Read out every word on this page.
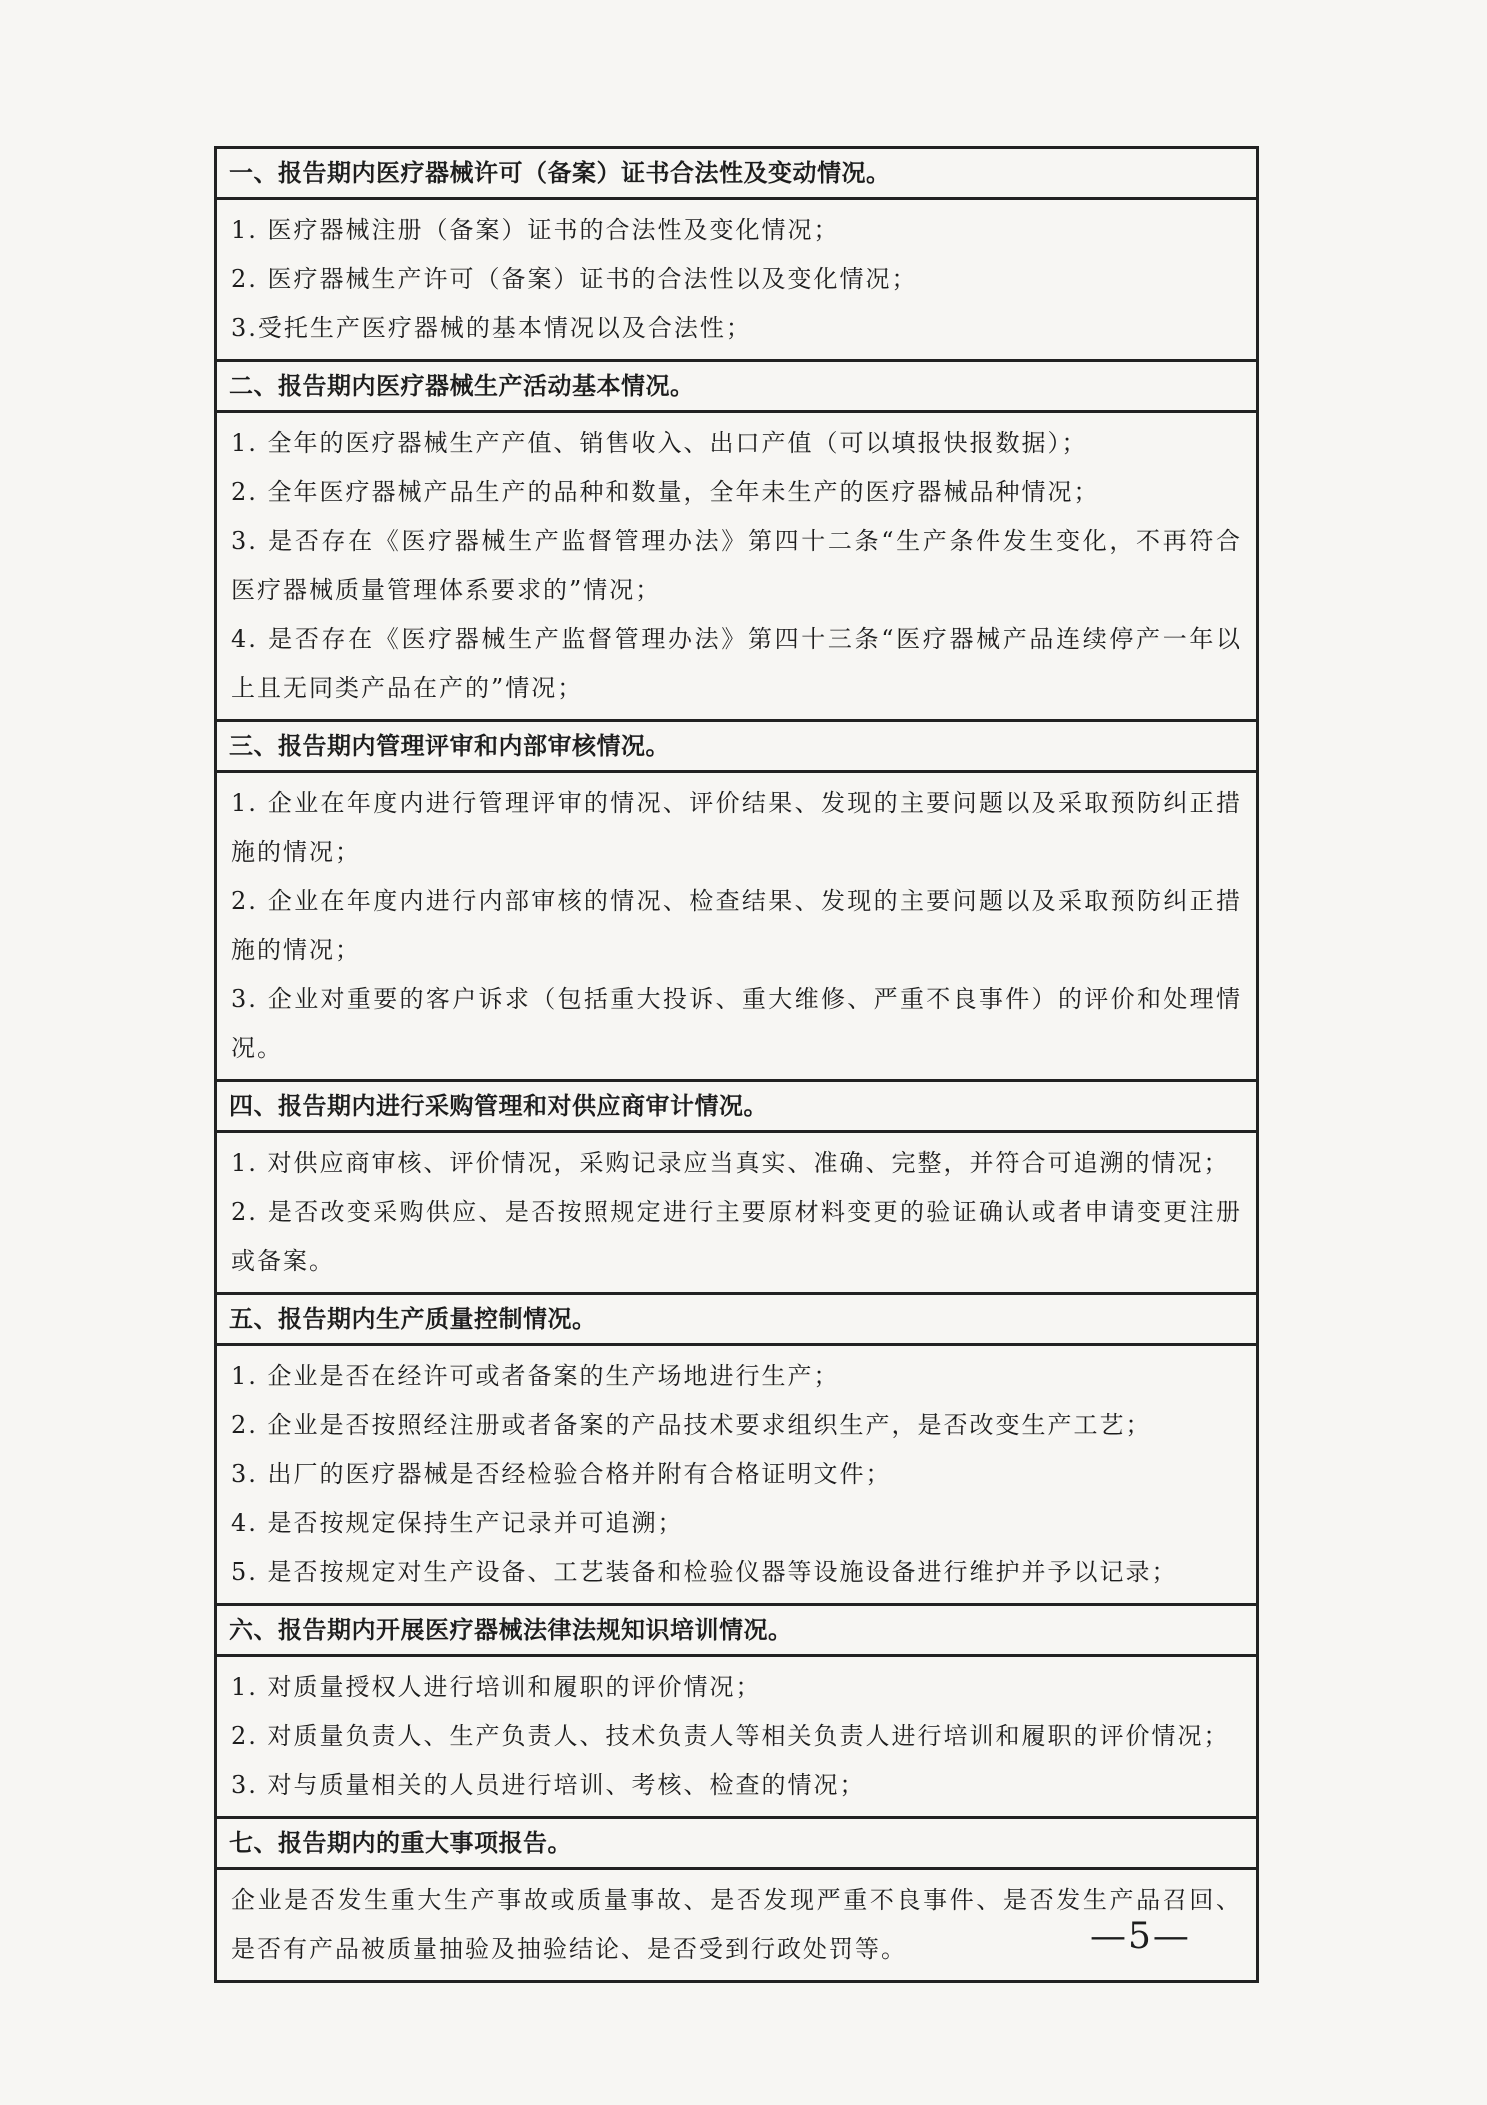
一、报告期内医疗器械许可（备案）证书合法性及变动情况。
1. 医疗器械注册（备案）证书的合法性及变化情况；
2. 医疗器械生产许可（备案）证书的合法性以及变化情况；
3.受托生产医疗器械的基本情况以及合法性；
二、报告期内医疗器械生产活动基本情况。
1. 全年的医疗器械生产产值、销售收入、出口产值（可以填报快报数据）；
2. 全年医疗器械产品生产的品种和数量，全年未生产的医疗器械品种情况；
3. 是否存在《医疗器械生产监督管理办法》第四十二条“生产条件发生变化，不再符合医疗器械质量管理体系要求的”情况；
4. 是否存在《医疗器械生产监督管理办法》第四十三条“医疗器械产品连续停产一年以上且无同类产品在产的”情况；
三、报告期内管理评审和内部审核情况。
1. 企业在年度内进行管理评审的情况、评价结果、发现的主要问题以及采取预防纠正措施的情况；
2. 企业在年度内进行内部审核的情况、检查结果、发现的主要问题以及采取预防纠正措施的情况；
3. 企业对重要的客户诉求（包括重大投诉、重大维修、严重不良事件）的评价和处理情况。
四、报告期内进行采购管理和对供应商审计情况。
1. 对供应商审核、评价情况，采购记录应当真实、准确、完整，并符合可追溯的情况；
2. 是否改变采购供应、是否按照规定进行主要原材料变更的验证确认或者申请变更注册或备案。
五、报告期内生产质量控制情况。
1. 企业是否在经许可或者备案的生产场地进行生产；
2. 企业是否按照经注册或者备案的产品技术要求组织生产，是否改变生产工艺；
3. 出厂的医疗器械是否经检验合格并附有合格证明文件；
4. 是否按规定保持生产记录并可追溯；
5. 是否按规定对生产设备、工艺装备和检验仪器等设施设备进行维护并予以记录；
六、报告期内开展医疗器械法律法规知识培训情况。
1. 对质量授权人进行培训和履职的评价情况；
2. 对质量负责人、生产负责人、技术负责人等相关负责人进行培训和履职的评价情况；
3. 对与质量相关的人员进行培训、考核、检查的情况；
七、报告期内的重大事项报告。
企业是否发生重大生产事故或质量事故、是否发现严重不良事件、是否发生产品召回、是否有产品被质量抽验及抽验结论、是否受到行政处罚等。	—5—
